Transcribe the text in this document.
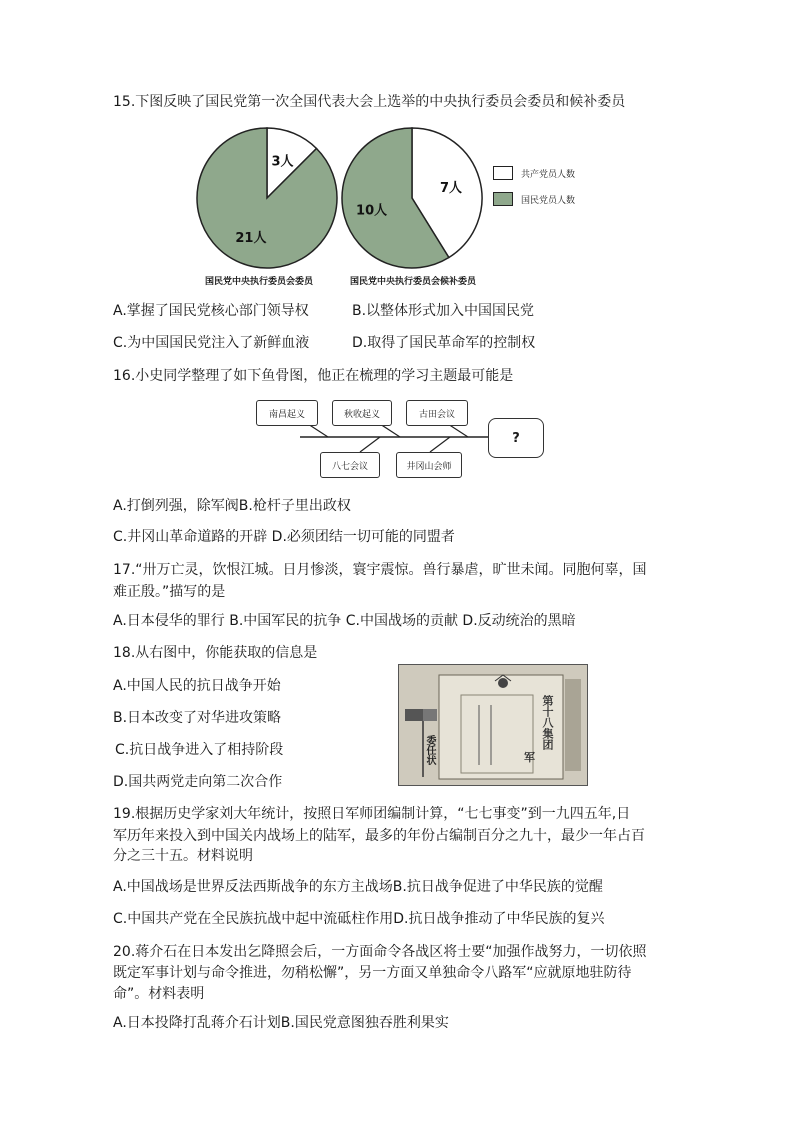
15.下图反映了国民党第一次全国代表大会上选举的中央执行委员会委员和候补委员
3人
21人
7人
10人
共产党员人数
国民党员人数
国民党中央执行委员会委员	国民党中央执行委员会候补委员
A.掌握了国民党核心部门领导权	B.以整体形式加入中国国民党
C.为中国国民党注入了新鲜血液	D.取得了国民革命军的控制权
16.小史同学整理了如下鱼骨图，他正在梳理的学习主题最可能是
南昌起义	秋收起义	古田会议
八七会议	井冈山会师
?
A.打倒列强，除军阀B.枪杆子里出政权
C.井冈山革命道路的开辟 D.必须团结一切可能的同盟者
17.“卅万亡灵，饮恨江城。日月惨淡，寰宇震惊。兽行暴虐，旷世未闻。同胞何辜，国
难正殷。”描写的是
A.日本侵华的罪行 B.中国军民的抗争 C.中国战场的贡献 D.反动统治的黑暗
18.从右图中，你能获取的信息是
A.中国人民的抗日战争开始
B.日本改变了对华进攻策略
C.抗日战争进入了相持阶段
D.国共两党走向第二次合作
委任状	第十八集团
军
19.根据历史学家刘大年统计，按照日军师团编制计算，“七七事变”到一九四五年,日
军历年来投入到中国关内战场上的陆军，最多的年份占编制百分之九十，最少一年占百
分之三十五。材料说明
A.中国战场是世界反法西斯战争的东方主战场B.抗日战争促进了中华民族的觉醒
C.中国共产党在全民族抗战中起中流砥柱作用D.抗日战争推动了中华民族的复兴
20.蒋介石在日本发出乞降照会后，一方面命令各战区将士要“加强作战努力，一切依照
既定军事计划与命令推进，勿稍松懈”，另一方面又单独命令八路军“应就原地驻防待
命”。材料表明
A.日本投降打乱蒋介石计划B.国民党意图独吞胜利果实
